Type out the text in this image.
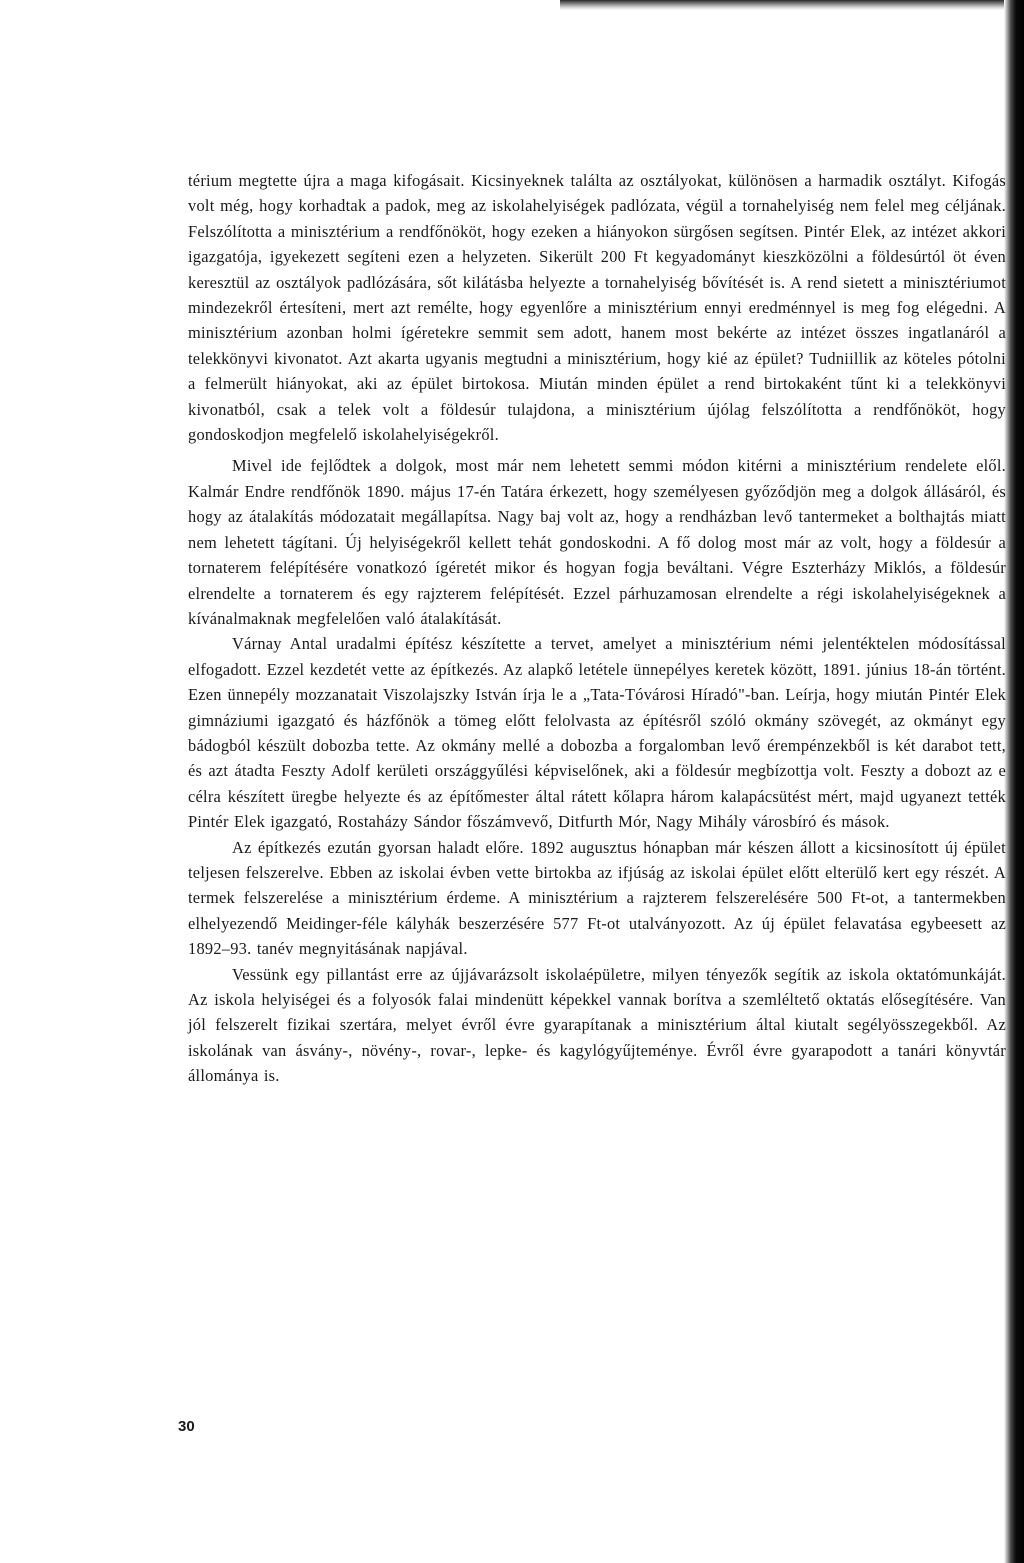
térium megtette újra a maga kifogásait. Kicsinyeknek találta az osztályokat, különösen a harmadik osztályt. Kifogás volt még, hogy korhadtak a padok, meg az iskolahelyiségek padlózata, végül a tornahelyiség nem felel meg céljának. Felszólította a minisztérium a rendfőnököt, hogy ezeken a hiányokon sürgősen segítsen. Pintér Elek, az intézet akkori igazgatója, igyekezett segíteni ezen a helyzeten. Sikerült 200 Ft kegyadományt kieszközölni a földesúrtól öt éven keresztül az osztályok padlózására, sőt kilátásba helyezte a tornahelyiség bővítését is. A rend sietett a minisztériumot mindezekről értesíteni, mert azt remélte, hogy egyenlőre a minisztérium ennyi eredménnyel is meg fog elégedni. A minisztérium azonban holmi ígéretekre semmit sem adott, hanem most bekérte az intézet összes ingatlanáról a telekkönyvi kivonatot. Azt akarta ugyanis megtudni a minisztérium, hogy kié az épület? Tudniillik az köteles pótolni a felmerült hiányokat, aki az épület birtokosa. Miután minden épület a rend birtokaként tűnt ki a telekkönyvi kivonatból, csak a telek volt a földesúr tulajdona, a minisztérium újólag felszólította a rendfőnököt, hogy gondoskodjon megfelelő iskolahelyiségekről.

Mivel ide fejlődtek a dolgok, most már nem lehetett semmi módon kitérni a minisztérium rendelete elől. Kalmár Endre rendfőnök 1890. május 17-én Tatára érkezett, hogy személyesen győződjön meg a dolgok állásáról, és hogy az átalakítás módozatait megállapítsa. Nagy baj volt az, hogy a rendházban levő tantermeket a bolthajtás miatt nem lehetett tágítani. Új helyiségekről kellett tehát gondoskodni. A fő dolog most már az volt, hogy a földesúr a tornaterem felépítésére vonatkozó ígéretét mikor és hogyan fogja beváltani. Végre Eszterházy Miklós, a földesúr elrendelte a tornaterem és egy rajzterem felépítését. Ezzel párhuzamosan elrendelte a régi iskolahelyiségeknek a kívánalmaknak megfelelően való átalakítását.

Várnay Antal uradalmi építész készítette a tervet, amelyet a minisztérium némi jelentéktelen módosítással elfogadott. Ezzel kezdetét vette az építkezés. Az alapkő letétele ünnepélyes keretek között, 1891. június 18-án történt. Ezen ünnepély mozzanatait Viszolajszky István írja le a „Tata-Tóvárosi Híradó"-ban. Leírja, hogy miután Pintér Elek gimnáziumi igazgató és házfőnök a tömeg előtt felolvasta az építésről szóló okmány szövegét, az okmányt egy bádogból készült dobozba tette. Az okmány mellé a dobozba a forgalomban levő érempénzekből is két darabot tett, és azt átadta Feszty Adolf kerületi országgyűlési képviselőnek, aki a földesúr megbízottja volt. Feszty a dobozt az e célra készített üregbe helyezte és az építőmester által rátett kőlapra három kalapácsütést mért, majd ugyanezt tették Pintér Elek igazgató, Rostaházy Sándor főszámvevő, Ditfurth Mór, Nagy Mihály városbíró és mások.

Az építkezés ezután gyorsan haladt előre. 1892 augusztus hónapban már készen állott a kicsinosított új épület teljesen felszerelve. Ebben az iskolai évben vette birtokba az ifjúság az iskolai épület előtt elterülő kert egy részét. A termek felszerelése a minisztérium érdeme. A minisztérium a rajzterem felszerelésére 500 Ft-ot, a tantermekben elhelyezendő Meidinger-féle kályhák beszerzésére 577 Ft-ot utalványozott. Az új épület felavatása egybeesett az 1892–93. tanév megnyitásának napjával.

Vessünk egy pillantást erre az újjávarázsolt iskolaépületre, milyen tényezők segítik az iskola oktatómunkáját. Az iskola helyiségei és a folyosók falai mindenütt képekkel vannak borítva a szemléltető oktatás elősegítésére. Van jól felszerelt fizikai szertára, melyet évről évre gyarapítanak a minisztérium által kiutalt segélyösszegekből. Az iskolának van ásvány-, növény-, rovar-, lepke- és kagylógyűjteménye. Évről évre gyarapodott a tanári könyvtár állománya is.

30
